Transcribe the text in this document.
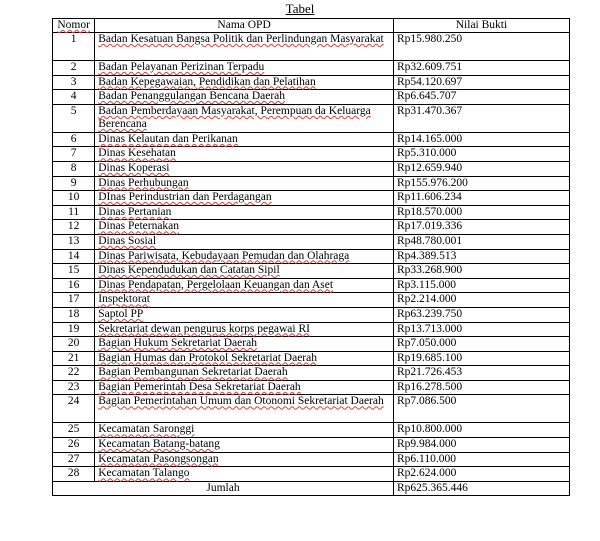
Tabel
Nomor	Nama OPD	Nilai Bukti
1	Badan Kesatuan Bangsa Politik dan Perlindungan Masyarakat	Rp15.980.250
2	Badan Pelayanan Perizinan Terpadu	Rp32.609.751
3	Badan Kepegawaian, Pendidikan dan Pelatihan	Rp54.120.697
4	Badan Penanggulangan Bencana Daerah	Rp6.645.707
5	Badan Pemberdayaan Masyarakat, Perempuan da Keluarga Berencana	Rp31.470.367
6	Dinas Kelautan dan Perikanan	Rp14.165.000
7	Dinas Kesehatan	Rp5.310.000
8	Dinas Koperasi	Rp12.659.940
9	Dinas Perhubungan	Rp155.976.200
10	DInas Perindustrian dan Perdagangan	Rp11.606.234
11	Dinas Pertanian	Rp18.570.000
12	Dinas Peternakan	Rp17.019.336
13	Dinas Sosial	Rp48.780.001
14	Dinas Pariwisata, Kebudayaan Pemudan dan Olahraga	Rp4.389.513
15	Dinas Kependudukan dan Catatan Sipil	Rp33.268.900
16	Dinas Pendapatan, Pergelolaan Keuangan dan Aset	Rp3.115.000
17	Inspektorat	Rp2.214.000
18	Saptol PP	Rp63.239.750
19	Sekretariat dewan pengurus korps pegawai RI	Rp13.713.000
20	Bagian Hukum Sekretariat Daerah	Rp7.050.000
21	Bagian Humas dan Protokol Sekretariat Daerah	Rp19.685.100
22	Bagian Pembangunan Sekretariat Daerah	Rp21.726.453
23	Bagian Pemerintah Desa Sekretariat Daerah	Rp16.278.500
24	Bagian Pemerintahan Umum dan Otonomi Sekretariat Daerah	Rp7.086.500
25	Kecamatan Saronggi	Rp10.800.000
26	Kecamatan Batang-batang	Rp9.984.000
27	Kecamatan Pasongsongan	Rp6.110.000
28	Kecamatan Talango	Rp2.624.000
Jumlah		Rp625.365.446
